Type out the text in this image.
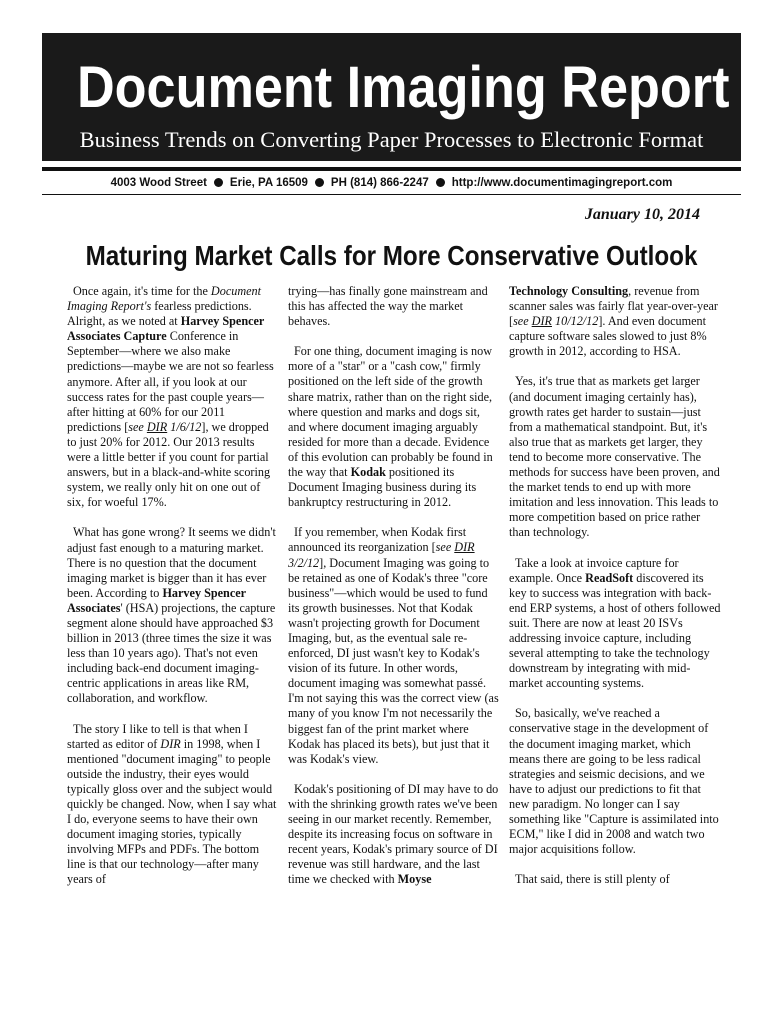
Document Imaging Report
Business Trends on Converting Paper Processes to Electronic Format
4003 Wood Street Erie, PA 16509 PH (814) 866-2247 http://www.documentimagingreport.com
January 10, 2014
Maturing Market Calls for More Conservative Outlook

Once again, it's time for the Document Imaging Report's fearless predictions. Alright, as we noted at Harvey Spencer Associates Capture Conference in September—where we also make predictions—maybe we are not so fearless anymore. After all, if you look at our success rates for the past couple years—after hitting at 60% for our 2011 predictions [see DIR 1/6/12], we dropped to just 20% for 2012. Our 2013 results were a little better if you count for partial answers, but in a black-and-white scoring system, we really only hit on one out of six, for woeful 17%.

What has gone wrong? It seems we didn't adjust fast enough to a maturing market. There is no question that the document imaging market is bigger than it has ever been. According to Harvey Spencer Associates' (HSA) projections, the capture segment alone should have approached $3 billion in 2013 (three times the size it was less than 10 years ago). That's not even including back-end document imaging-centric applications in areas like RM, collaboration, and workflow.

The story I like to tell is that when I started as editor of DIR in 1998, when I mentioned "document imaging" to people outside the industry, their eyes would typically gloss over and the subject would quickly be changed. Now, when I say what I do, everyone seems to have their own document imaging stories, typically involving MFPs and PDFs. The bottom line is that our technology—after many years of

trying—has finally gone mainstream and this has affected the way the market behaves.

For one thing, document imaging is now more of a "star" or a "cash cow," firmly positioned on the left side of the growth share matrix, rather than on the right side, where question and marks and dogs sit, and where document imaging arguably resided for more than a decade. Evidence of this evolution can probably be found in the way that Kodak positioned its Document Imaging business during its bankruptcy restructuring in 2012.

If you remember, when Kodak first announced its reorganization [see DIR 3/2/12], Document Imaging was going to be retained as one of Kodak's three "core business"—which would be used to fund its growth businesses. Not that Kodak wasn't projecting growth for Document Imaging, but, as the eventual sale re-enforced, DI just wasn't key to Kodak's vision of its future. In other words, document imaging was somewhat passé. I'm not saying this was the correct view (as many of you know I'm not necessarily the biggest fan of the print market where Kodak has placed its bets), but just that it was Kodak's view.

Kodak's positioning of DI may have to do with the shrinking growth rates we've been seeing in our market recently. Remember, despite its increasing focus on software in recent years, Kodak's primary source of DI revenue was still hardware, and the last time we checked with Moyse

Technology Consulting, revenue from scanner sales was fairly flat year-over-year [see DIR 10/12/12]. And even document capture software sales slowed to just 8% growth in 2012, according to HSA.

Yes, it's true that as markets get larger (and document imaging certainly has), growth rates get harder to sustain—just from a mathematical standpoint. But, it's also true that as markets get larger, they tend to become more conservative. The methods for success have been proven, and the market tends to end up with more imitation and less innovation. This leads to more competition based on price rather than technology.

Take a look at invoice capture for example. Once ReadSoft discovered its key to success was integration with back-end ERP systems, a host of others followed suit. There are now at least 20 ISVs addressing invoice capture, including several attempting to take the technology downstream by integrating with mid-market accounting systems.

So, basically, we've reached a conservative stage in the development of the document imaging market, which means there are going to be less radical strategies and seismic decisions, and we have to adjust our predictions to fit that new paradigm. No longer can I say something like "Capture is assimilated into ECM," like I did in 2008 and watch two major acquisitions follow.

That said, there is still plenty of
